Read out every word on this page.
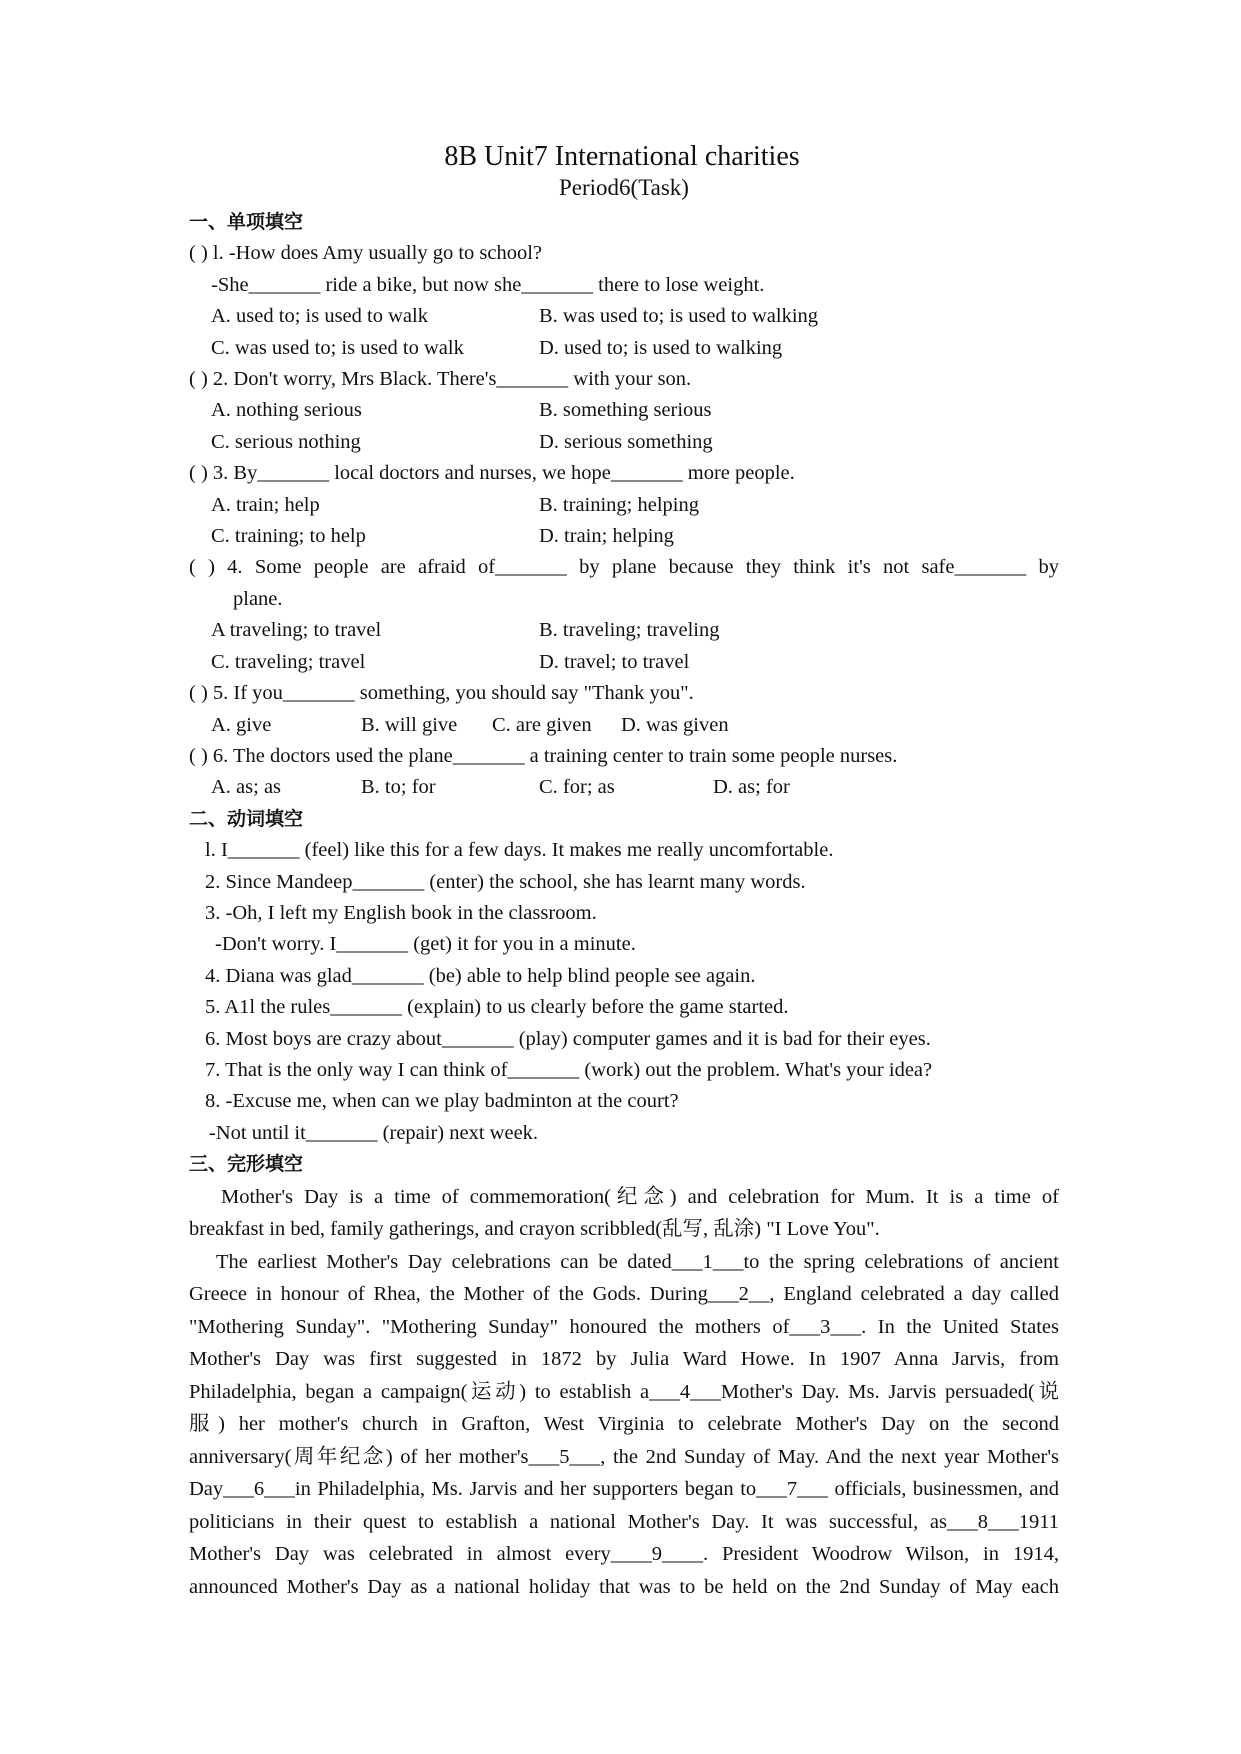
8B Unit7 International charities
Period6(Task)
一、单项填空
( ) l. -How does Amy usually go to school?
-She_______ ride a bike, but now she_______ there to lose weight.

A. used to; is used to walk	B. was used to; is used to walking

C. was used to; is used to walk	D. used to; is used to walking
( ) 2. Don't worry, Mrs Black. There's_______ with your son.

A. nothing serious	B. something serious

C. serious nothing	D. serious something
( ) 3. By_______ local doctors and nurses, we hope_______ more people.

A. train; help	B. training; helping

C. training; to help	D. train; helping
( ) 4. Some people are afraid of_______ by plane because they think it's not safe_______ by
plane.

A traveling; to travel	B. traveling; traveling

C. traveling; travel	D. travel; to travel
( ) 5. If you_______ something, you should say "Thank you".

A. give	B. will give C. are given D. was given
( ) 6. The doctors used the plane_______ a training center to train some people nurses.

A. as; as	B. to; for	C. for; as	D. as; for
二、动词填空
l. I_______ (feel) like this for a few days. It makes me really uncomfortable.
2. Since Mandeep_______ (enter) the school, she has learnt many words.
3. -Oh, I left my English book in the classroom.
-Don't worry. I_______ (get) it for you in a minute.
4. Diana was glad_______ (be) able to help blind people see again.
5. A1l the rules_______ (explain) to us clearly before the game started.
6. Most boys are crazy about_______ (play) computer games and it is bad for their eyes.
7. That is the only way I can think of_______ (work) out the problem. What's your idea?
8. -Excuse me, when can we play badminton at the court?
-Not until it_______ (repair) next week.
三、完形填空
Mother's Day is a time of commemoration(纪念) and celebration for Mum. It is a time of
breakfast in bed, family gatherings, and crayon scribbled(乱写, 乱涂) "I Love You".
The earliest Mother's Day celebrations can be dated___1___to the spring celebrations of ancient
Greece in honour of Rhea, the Mother of the Gods. During___2__, England celebrated a day called
"Mothering Sunday". "Mothering Sunday" honoured the mothers of___3___. In the United States
Mother's Day was first suggested in 1872 by Julia Ward Howe. In 1907 Anna Jarvis, from
Philadelphia, began a campaign(运动) to establish a___4___Mother's Day. Ms. Jarvis persuaded(说
服) her mother's church in Grafton, West Virginia to celebrate Mother's Day on the second
anniversary(周年纪念) of her mother's___5___, the 2nd Sunday of May. And the next year Mother's
Day___6___in Philadelphia, Ms. Jarvis and her supporters began to___7___ officials, businessmen, and
politicians in their quest to establish a national Mother's Day. It was successful, as___8___1911
Mother's Day was celebrated in almost every____9____. President Woodrow Wilson, in 1914,
announced Mother's Day as a national holiday that was to be held on the 2nd Sunday of May each
